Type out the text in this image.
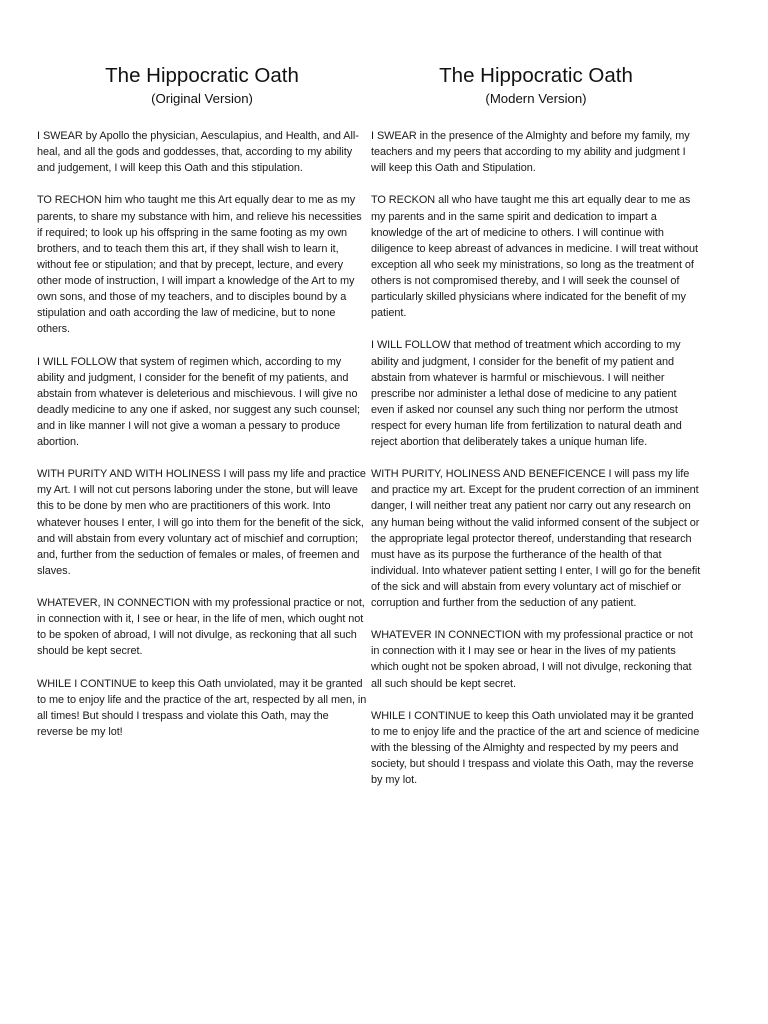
The Hippocratic Oath
(Original Version)

I SWEAR by Apollo the physician, Aesculapius, and Health, and All-heal, and all the gods and goddesses, that, according to my ability and judgement, I will keep this Oath and this stipulation.

TO RECHON him who taught me this Art equally dear to me as my parents, to share my substance with him, and relieve his necessities if required; to look up his offspring in the same footing as my own brothers, and to teach them this art, if they shall wish to learn it, without fee or stipulation; and that by precept, lecture, and every other mode of instruction, I will impart a knowledge of the Art to my own sons, and those of my teachers, and to disciples bound by a stipulation and oath according the law of medicine, but to none others.

I WILL FOLLOW that system of regimen which, according to my ability and judgment, I consider for the benefit of my patients, and abstain from whatever is deleterious and mischievous. I will give no deadly medicine to any one if asked, nor suggest any such counsel; and in like manner I will not give a woman a pessary to produce abortion.

WITH PURITY AND WITH HOLINESS I will pass my life and practice my Art. I will not cut persons laboring under the stone, but will leave this to be done by men who are practitioners of this work. Into whatever houses I enter, I will go into them for the benefit of the sick, and will abstain from every voluntary act of mischief and corruption; and, further from the seduction of females or males, of freemen and slaves.

WHATEVER, IN CONNECTION with my professional practice or not, in connection with it, I see or hear, in the life of men, which ought not to be spoken of abroad, I will not divulge, as reckoning that all such should be kept secret.

WHILE I CONTINUE to keep this Oath unviolated, may it be granted to me to enjoy life and the practice of the art, respected by all men, in all times! But should I trespass and violate this Oath, may the reverse be my lot!

The Hippocratic Oath
(Modern Version)

I SWEAR in the presence of the Almighty and before my family, my teachers and my peers that according to my ability and judgment I will keep this Oath and Stipulation.

TO RECKON all who have taught me this art equally dear to me as my parents and in the same spirit and dedication to impart a knowledge of the art of medicine to others. I will continue with diligence to keep abreast of advances in medicine. I will treat without exception all who seek my ministrations, so long as the treatment of others is not compromised thereby, and I will seek the counsel of particularly skilled physicians where indicated for the benefit of my patient.

I WILL FOLLOW that method of treatment which according to my ability and judgment, I consider for the benefit of my patient and abstain from whatever is harmful or mischievous. I will neither prescribe nor administer a lethal dose of medicine to any patient even if asked nor counsel any such thing nor perform the utmost respect for every human life from fertilization to natural death and reject abortion that deliberately takes a unique human life.

WITH PURITY, HOLINESS AND BENEFICENCE I will pass my life and practice my art. Except for the prudent correction of an imminent danger, I will neither treat any patient nor carry out any research on any human being without the valid informed consent of the subject or the appropriate legal protector thereof, understanding that research must have as its purpose the furtherance of the health of that individual. Into whatever patient setting I enter, I will go for the benefit of the sick and will abstain from every voluntary act of mischief or corruption and further from the seduction of any patient.

WHATEVER IN CONNECTION with my professional practice or not in connection with it I may see or hear in the lives of my patients which ought not be spoken abroad, I will not divulge, reckoning that all such should be kept secret.

WHILE I CONTINUE to keep this Oath unviolated may it be granted to me to enjoy life and the practice of the art and science of medicine with the blessing of the Almighty and respected by my peers and society, but should I trespass and violate this Oath, may the reverse by my lot.
